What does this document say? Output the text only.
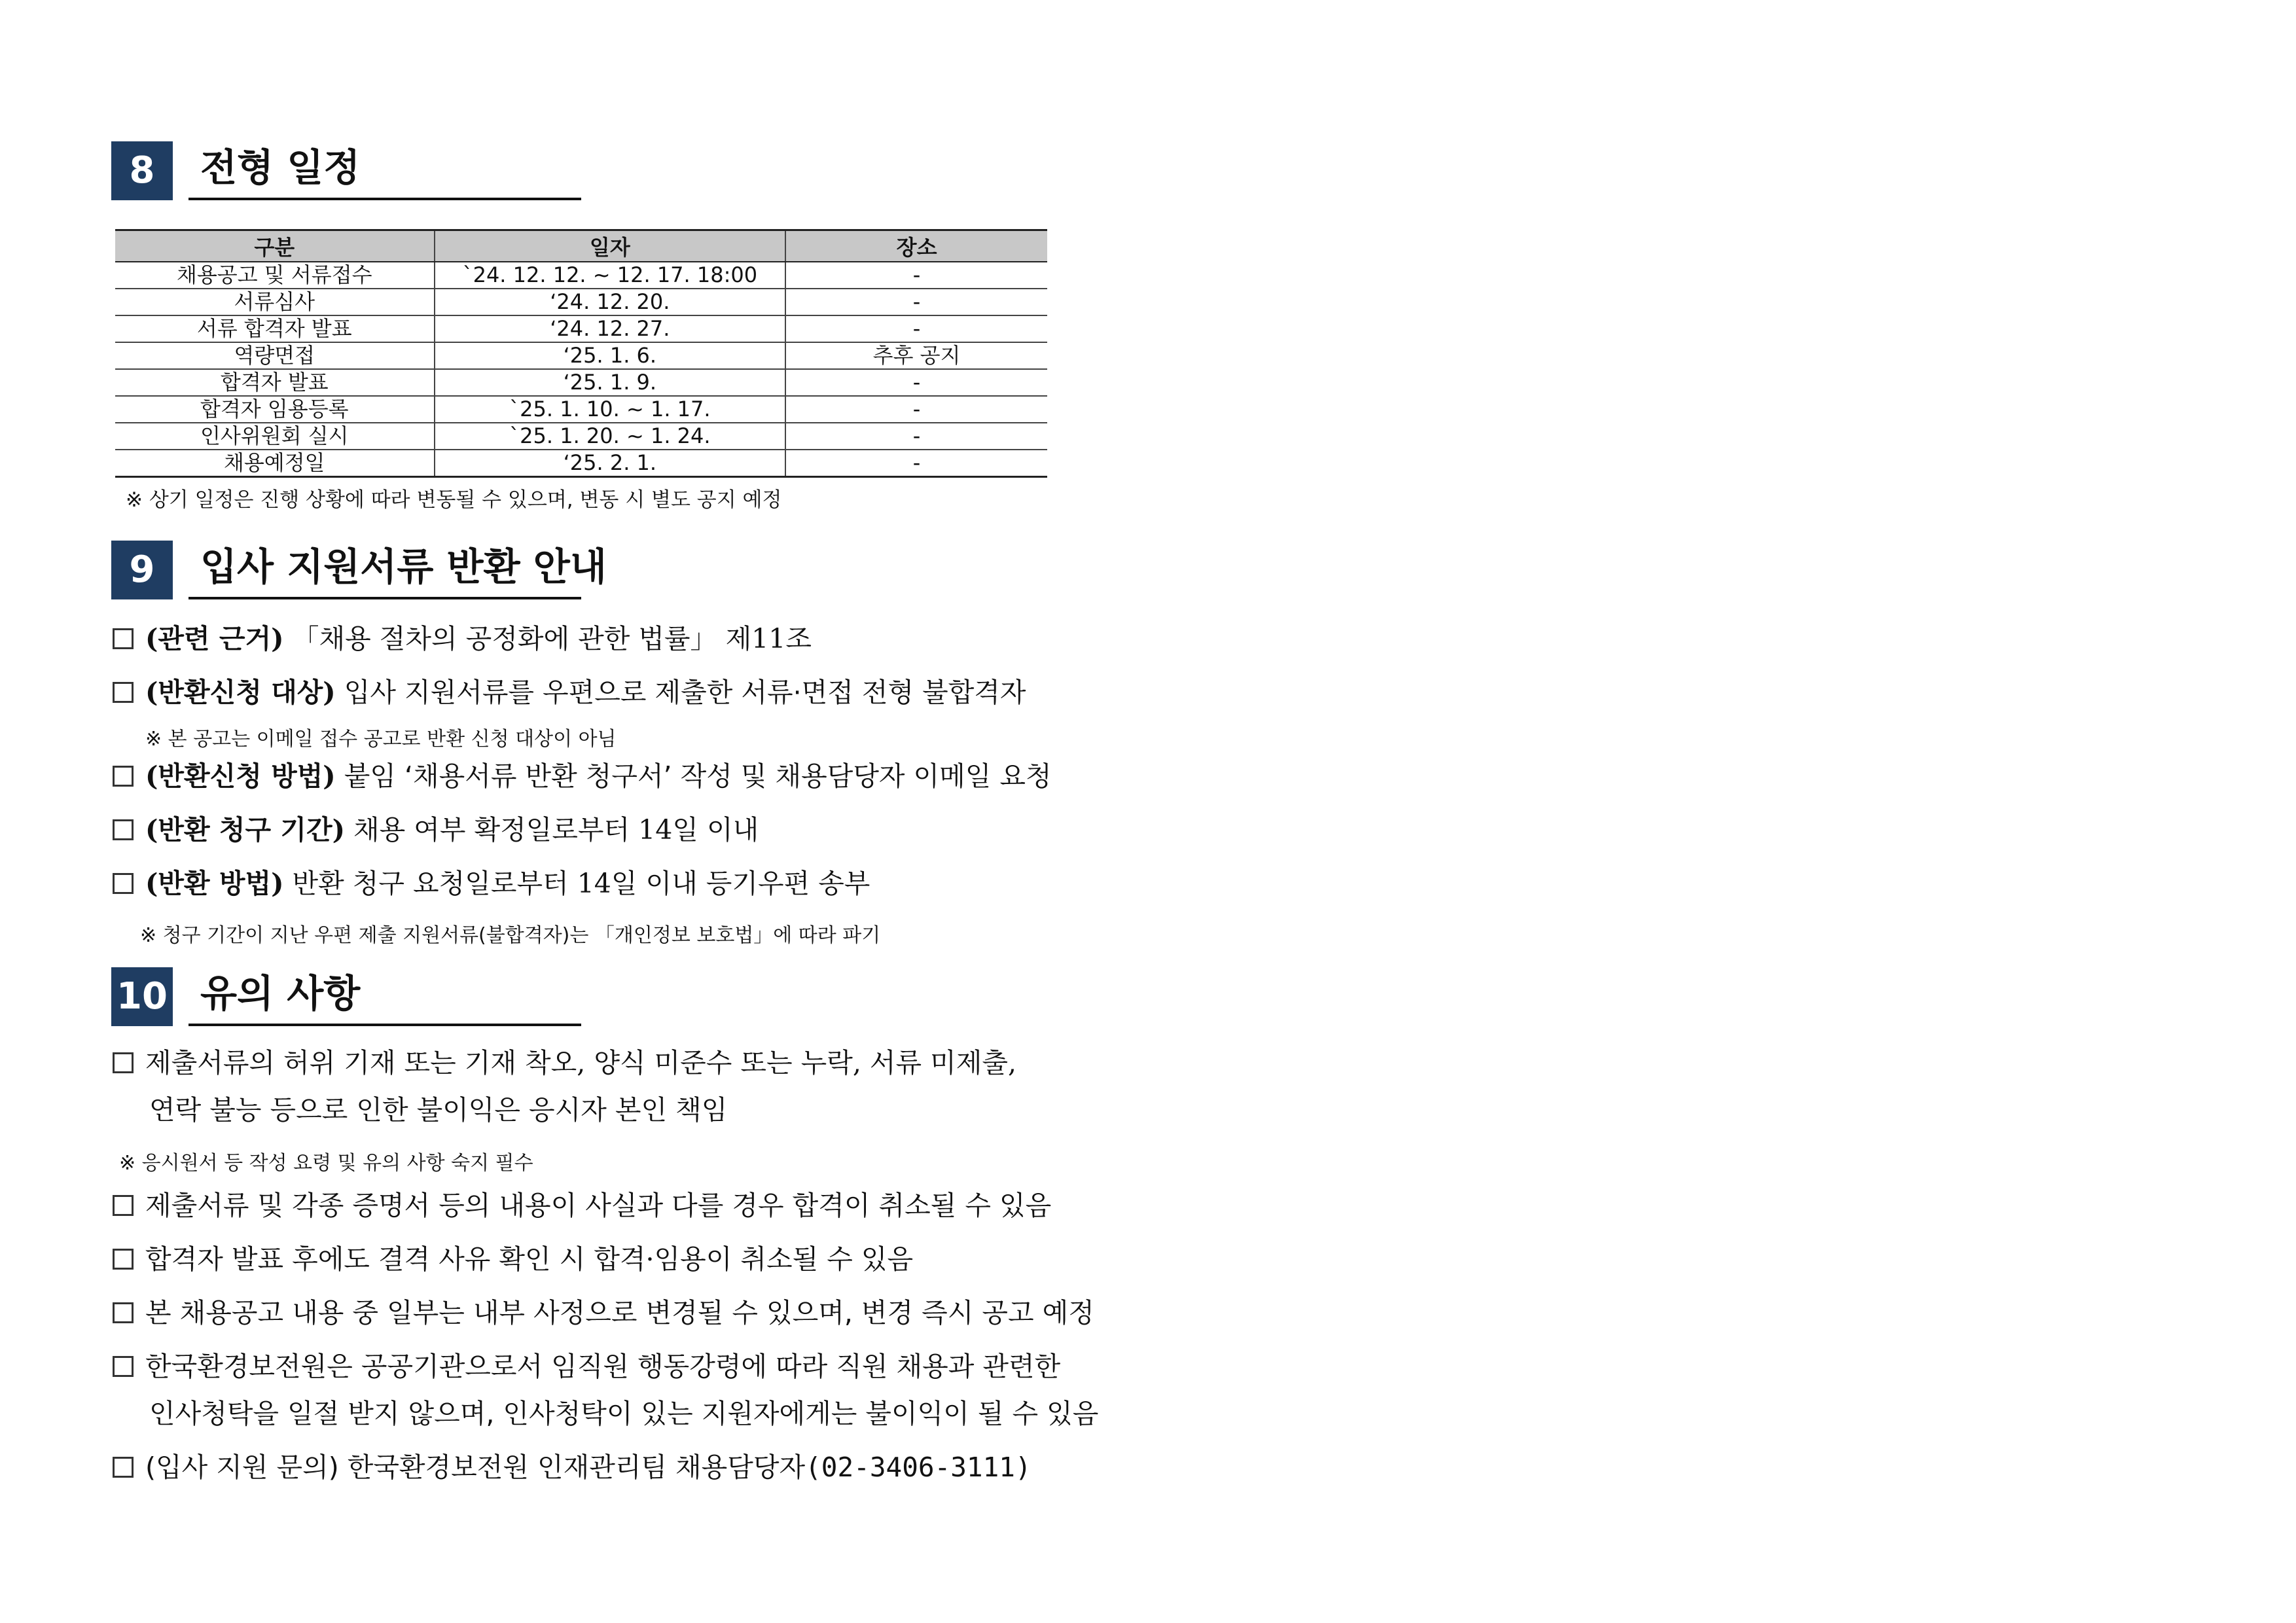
8	전형 일정
구분	일자	장소
채용공고 및 서류접수	`24. 12. 12. ~ 12. 17. 18:00	-
서류심사	‘24. 12. 20.	-
서류 합격자 발표	‘24. 12. 27.	-
역량면접	‘25. 1. 6.	추후 공지
합격자 발표	‘25. 1. 9.	-
합격자 임용등록	`25. 1. 10. ~ 1. 17.	-
인사위원회 실시	`25. 1. 20. ~ 1. 24.	-
채용예정일	‘25. 2. 1.	-
※ 상기 일정은 진행 상황에 따라 변동될 수 있으며, 변동 시 별도 공지 예정
9	입사 지원서류 반환 안내
(관련 근거) 「채용 절차의 공정화에 관한 법률」 제11조
(반환신청 대상) 입사 지원서류를 우편으로 제출한 서류·면접 전형 불합격자
※ 본 공고는 이메일 접수 공고로 반환 신청 대상이 아님
(반환신청 방법) 붙임 ‘채용서류 반환 청구서’ 작성 및 채용담당자 이메일 요청
(반환 청구 기간) 채용 여부 확정일로부터 14일 이내
(반환 방법) 반환 청구 요청일로부터 14일 이내 등기우편 송부
※ 청구 기간이 지난 우편 제출 지원서류(불합격자)는 「개인정보 보호법」에 따라 파기
10 유의 사항
제출서류의 허위 기재 또는 기재 착오, 양식 미준수 또는 누락, 서류 미제출,
연락 불능 등으로 인한 불이익은 응시자 본인 책임
※ 응시원서 등 작성 요령 및 유의 사항 숙지 필수
제출서류 및 각종 증명서 등의 내용이 사실과 다를 경우 합격이 취소될 수 있음
합격자 발표 후에도 결격 사유 확인 시 합격·임용이 취소될 수 있음
본 채용공고 내용 중 일부는 내부 사정으로 변경될 수 있으며, 변경 즉시 공고 예정
한국환경보전원은 공공기관으로서 임직원 행동강령에 따라 직원 채용과 관련한
인사청탁을 일절 받지 않으며, 인사청탁이 있는 지원자에게는 불이익이 될 수 있음
(입사 지원 문의) 한국환경보전원 인재관리팀 채용담당자(02-3406-3111)
